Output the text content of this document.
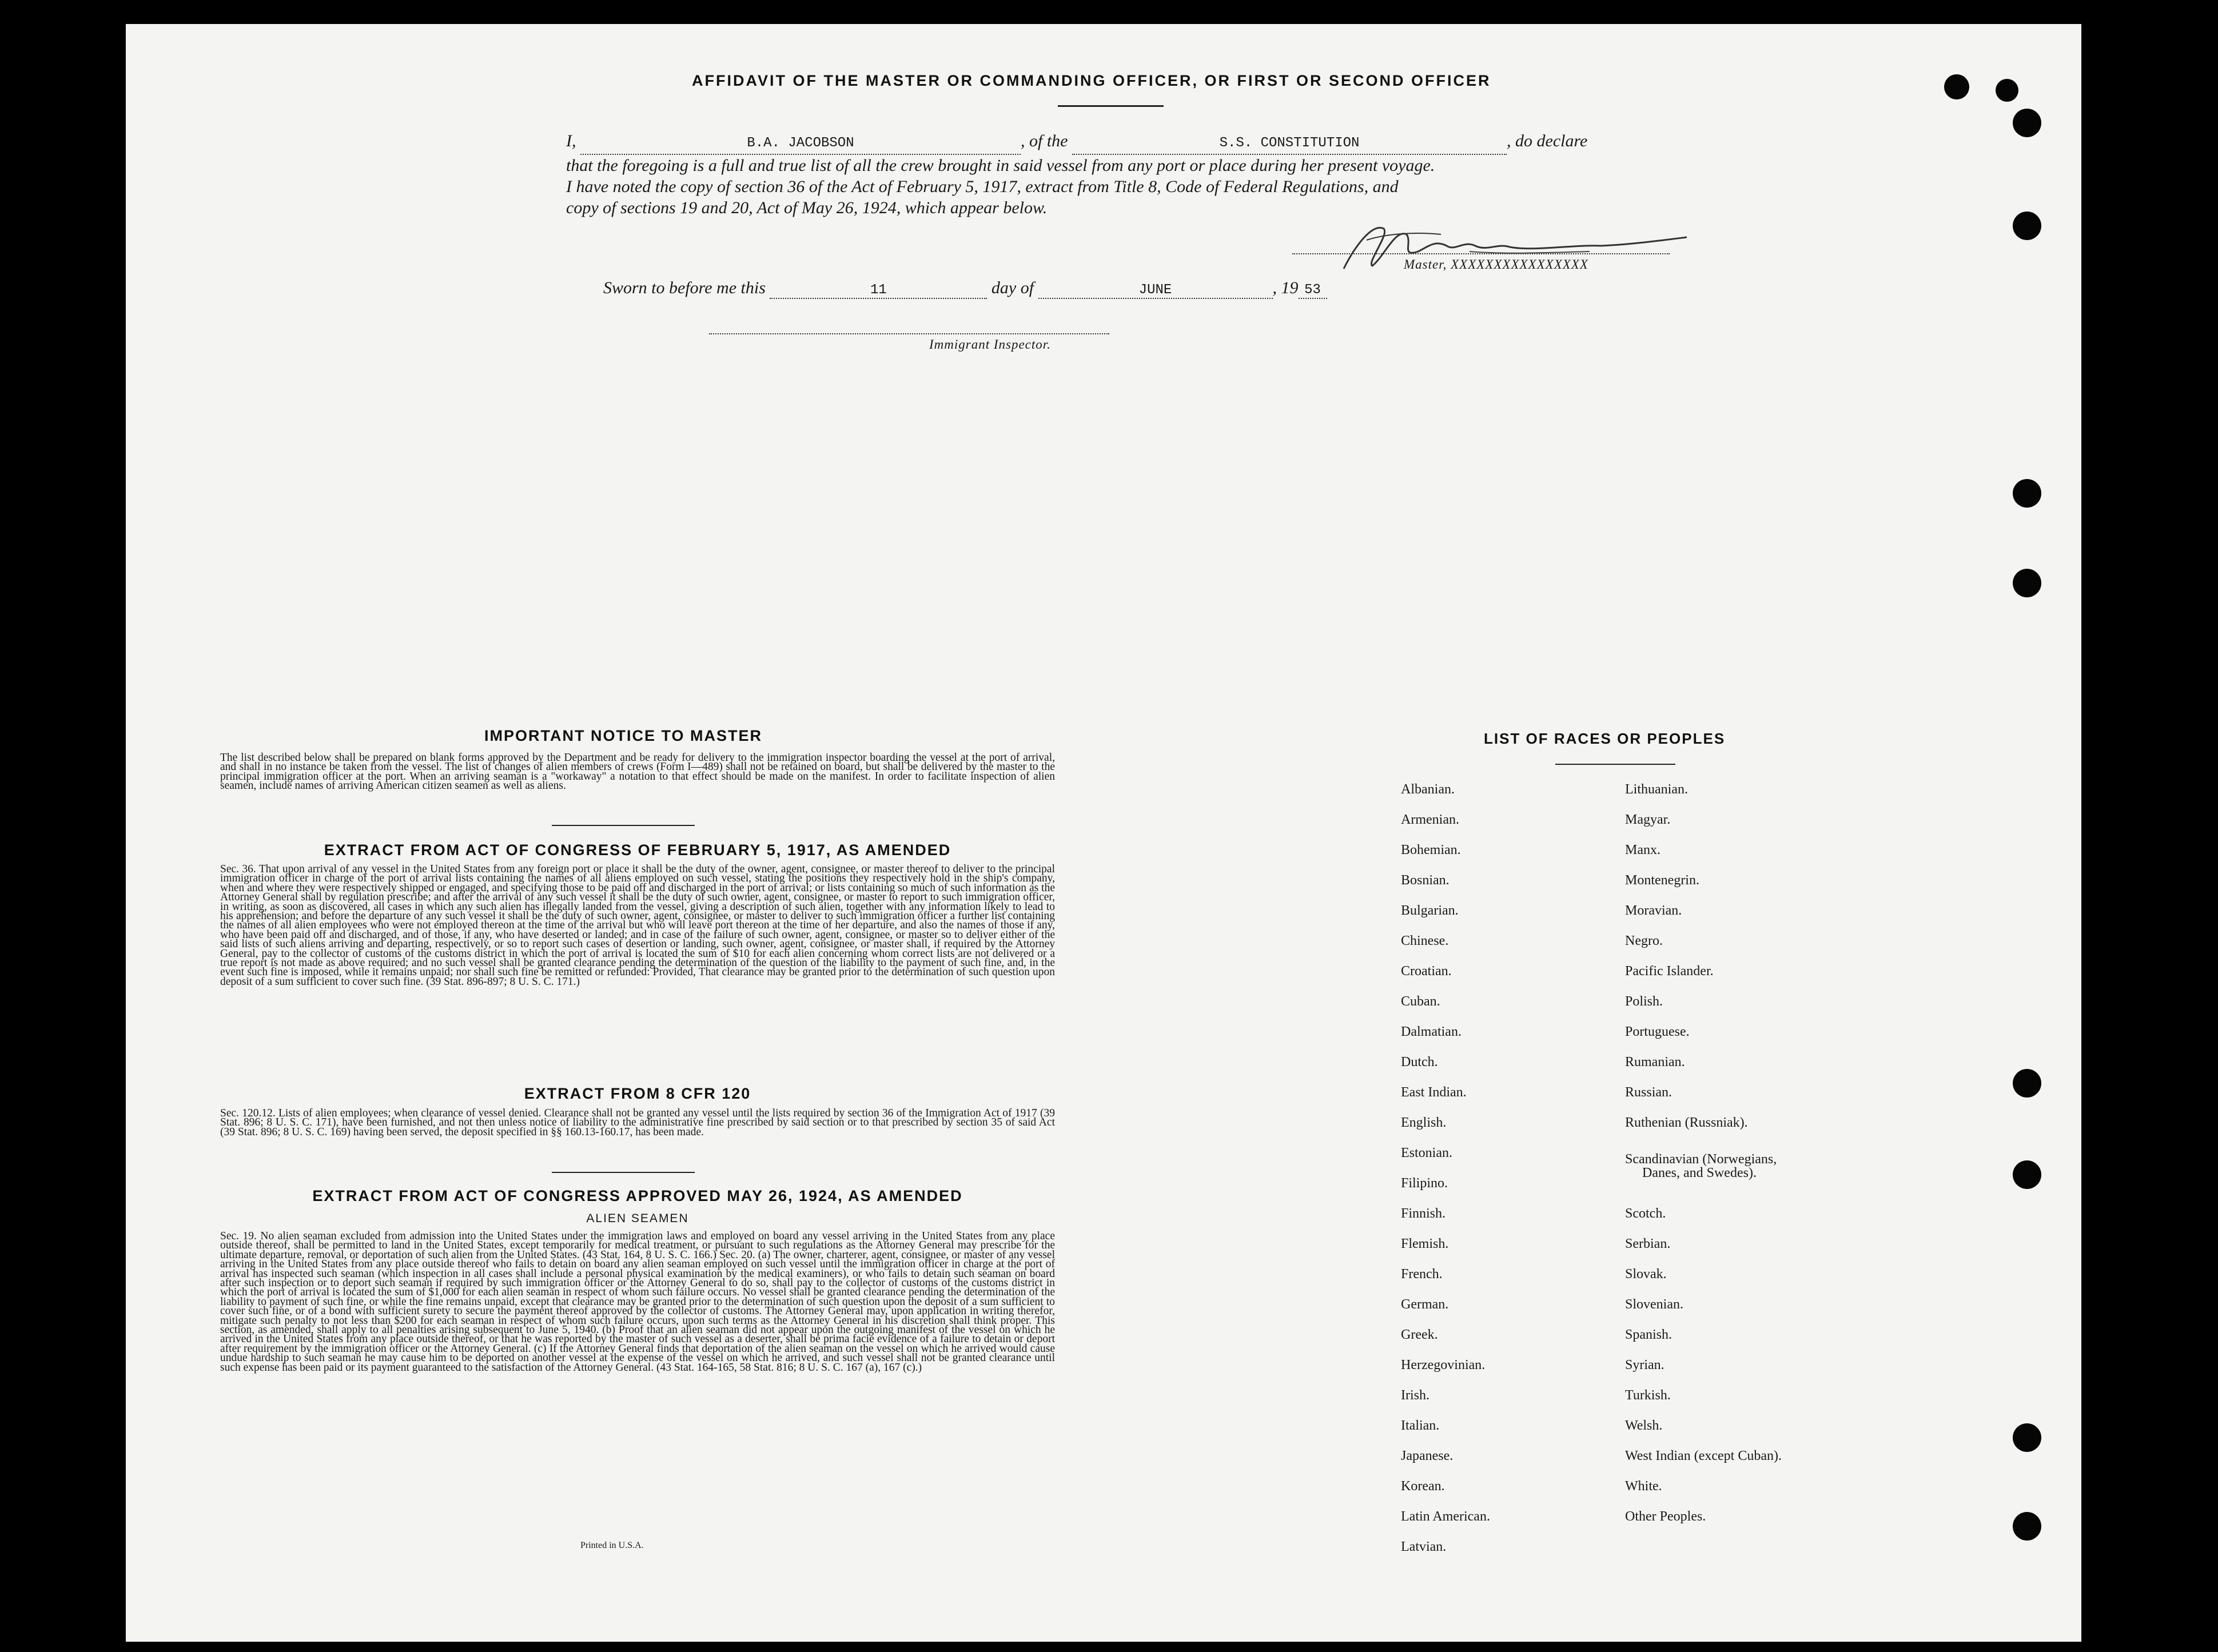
AFFIDAVIT OF THE MASTER OR COMMANDING OFFICER, OR FIRST OR SECOND OFFICER
I,	B.A. JACOBSON	, of the	S.S. CONSTITUTION	, do declare
that the foregoing is a full and true list of all the crew brought in said vessel from any port or place during her present voyage.
I have noted the copy of section 36 of the Act of February 5, 1917, extract from Title 8, Code of Federal Regulations, and
copy of sections 19 and 20, Act of May 26, 1924, which appear below.
Master, XXXXXXXXXXXXXXXX
Sworn to before me this	11	day of	JUNE	, 19 53
Immigrant Inspector.
IMPORTANT NOTICE TO MASTER
The list described below shall be prepared on blank forms approved by the Department and be ready for delivery to the immigration inspector boarding the vessel at the port of arrival, and shall in no instance be taken from the vessel. The list of changes of alien members of crews (Form I—489) shall not be retained on board, but shall be delivered by the master to the principal immigration officer at the port. When an arriving seaman is a "workaway" a notation to that effect should be made on the manifest. In order to facilitate inspection of alien seamen, include names of arriving American citizen seamen as well as aliens.
EXTRACT FROM ACT OF CONGRESS OF FEBRUARY 5, 1917, AS AMENDED
Sec. 36. That upon arrival of any vessel in the United States from any foreign port or place it shall be the duty of the owner, agent, consignee, or master thereof to deliver to the principal immigration officer in charge of the port of arrival lists containing the names of all aliens employed on such vessel, stating the positions they respectively hold in the ship's company, when and where they were respectively shipped or engaged, and specifying those to be paid off and discharged in the port of arrival; or lists containing so much of such information as the Attorney General shall by regulation prescribe; and after the arrival of any such vessel it shall be the duty of such owner, agent, consignee, or master to report to such immigration officer, in writing, as soon as discovered, all cases in which any such alien has illegally landed from the vessel, giving a description of such alien, together with any information likely to lead to his apprehension; and before the departure of any such vessel it shall be the duty of such owner, agent, consignee, or master to deliver to such immigration officer a further list containing the names of all alien employees who were not employed thereon at the time of the arrival but who will leave port thereon at the time of her departure, and also the names of those if any, who have been paid off and discharged, and of those, if any, who have deserted or landed; and in case of the failure of such owner, agent, consignee, or master so to deliver either of the said lists of such aliens arriving and departing, respectively, or so to report such cases of desertion or landing, such owner, agent, consignee, or master shall, if required by the Attorney General, pay to the collector of customs of the customs district in which the port of arrival is located the sum of $10 for each alien concerning whom correct lists are not delivered or a true report is not made as above required; and no such vessel shall be granted clearance pending the determination of the question of the liability to the payment of such fine, and, in the event such fine is imposed, while it remains unpaid; nor shall such fine be remitted or refunded: Provided, That clearance may be granted prior to the determination of such question upon deposit of a sum sufficient to cover such fine. (39 Stat. 896-897; 8 U. S. C. 171.)
EXTRACT FROM 8 CFR 120
Sec. 120.12. Lists of alien employees; when clearance of vessel denied. Clearance shall not be granted any vessel until the lists required by section 36 of the Immigration Act of 1917 (39 Stat. 896; 8 U. S. C. 171), have been furnished, and not then unless notice of liability to the administrative fine prescribed by said section or to that prescribed by section 35 of said Act (39 Stat. 896; 8 U. S. C. 169) having been served, the deposit specified in §§ 160.13-160.17, has been made.
EXTRACT FROM ACT OF CONGRESS APPROVED MAY 26, 1924, AS AMENDED
ALIEN SEAMEN
Sec. 19. No alien seaman excluded from admission into the United States under the immigration laws and employed on board any vessel arriving in the United States from any place outside thereof, shall be permitted to land in the United States, except temporarily for medical treatment, or pursuant to such regulations as the Attorney General may prescribe for the ultimate departure, removal, or deportation of such alien from the United States. (43 Stat. 164, 8 U. S. C. 166.) Sec. 20. (a) The owner, charterer, agent, consignee, or master of any vessel arriving in the United States from any place outside thereof who fails to detain on board any alien seaman employed on such vessel until the immigration officer in charge at the port of arrival has inspected such seaman (which inspection in all cases shall include a personal physical examination by the medical examiners), or who fails to detain such seaman on board after such inspection or to deport such seaman if required by such immigration officer or the Attorney General to do so, shall pay to the collector of customs of the customs district in which the port of arrival is located the sum of $1,000 for each alien seaman in respect of whom such failure occurs. No vessel shall be granted clearance pending the determination of the liability to payment of such fine, or while the fine remains unpaid, except that clearance may be granted prior to the determination of such question upon the deposit of a sum sufficient to cover such fine, or of a bond with sufficient surety to secure the payment thereof approved by the collector of customs. The Attorney General may, upon application in writing therefor, mitigate such penalty to not less than $200 for each seaman in respect of whom such failure occurs, upon such terms as the Attorney General in his discretion shall think proper. This section, as amended, shall apply to all penalties arising subsequent to June 5, 1940. (b) Proof that an alien seaman did not appear upon the outgoing manifest of the vessel on which he arrived in the United States from any place outside thereof, or that he was reported by the master of such vessel as a deserter, shall be prima facie evidence of a failure to detain or deport after requirement by the immigration officer or the Attorney General. (c) If the Attorney General finds that deportation of the alien seaman on the vessel on which he arrived would cause undue hardship to such seaman he may cause him to be deported on another vessel at the expense of the vessel on which he arrived, and such vessel shall not be granted clearance until such expense has been paid or its payment guaranteed to the satisfaction of the Attorney General. (43 Stat. 164-165, 58 Stat. 816; 8 U. S. C. 167 (a), 167 (c).)
Printed in U.S.A.
LIST OF RACES OR PEOPLES
Albanian.
Armenian.
Bohemian.
Bosnian.
Bulgarian.
Chinese.
Croatian.
Cuban.
Dalmatian.
Dutch.
East Indian.
English.
Estonian.
Filipino.
Finnish.
Flemish.
French.
German.
Greek.
Herzegovinian.
Irish.
Italian.
Japanese.
Korean.
Latin American.
Latvian.
Lithuanian.
Magyar.
Manx.
Montenegrin.
Moravian.
Negro.
Pacific Islander.
Polish.
Portuguese.
Rumanian.
Russian.
Ruthenian (Russniak).
Scandinavian (Norwegians,
Danes, and Swedes).
Scotch.
Serbian.
Slovak.
Slovenian.
Spanish.
Syrian.
Turkish.
Welsh.
West Indian (except Cuban).
White.
Other Peoples.
